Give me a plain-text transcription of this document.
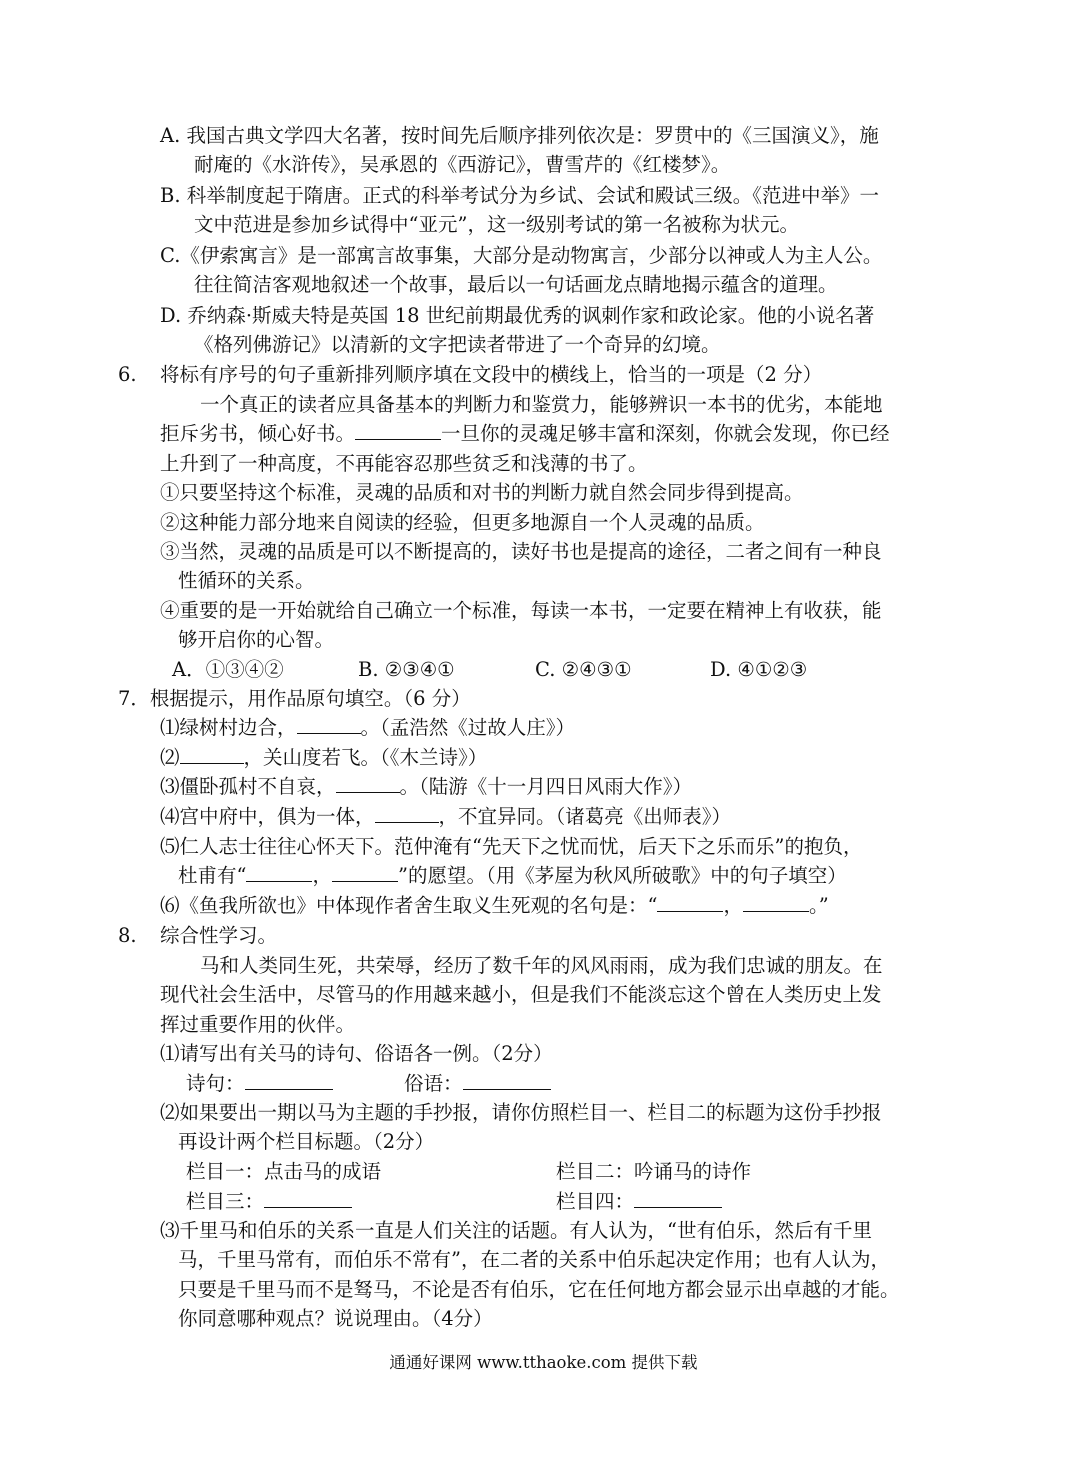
A. 我国古典文学四大名著，按时间先后顺序排列依次是：罗贯中的《三国演义》，施
耐庵的《水浒传》，吴承恩的《西游记》，曹雪芹的《红楼梦》。
B. 科举制度起于隋唐。正式的科举考试分为乡试、会试和殿试三级。《范进中举》一
文中范进是参加乡试得中“亚元”，这一级别考试的第一名被称为状元。
C.《伊索寓言》是一部寓言故事集，大部分是动物寓言，少部分以神或人为主人公。
往往简洁客观地叙述一个故事，最后以一句话画龙点睛地揭示蕴含的道理。
D. 乔纳森·斯威夫特是英国 18 世纪前期最优秀的讽刺作家和政论家。他的小说名著
《格列佛游记》以清新的文字把读者带进了一个奇异的幻境。
6. 将标有序号的句子重新排列顺序填在文段中的横线上，恰当的一项是（2 分）
一个真正的读者应具备基本的判断力和鉴赏力，能够辨识一本书的优劣，本能地
拒斥劣书，倾心好书。	一旦你的灵魂足够丰富和深刻，你就会发现，你已经
上升到了一种高度，不再能容忍那些贫乏和浅薄的书了。
①只要坚持这个标准，灵魂的品质和对书的判断力就自然会同步得到提高。
②这种能力部分地来自阅读的经验，但更多地源自一个人灵魂的品质。
③当然，灵魂的品质是可以不断提高的，读好书也是提高的途径，二者之间有一种良
性循环的关系。
④重要的是一开始就给自己确立一个标准，每读一本书，一定要在精神上有收获，能
够开启你的心智。
A．①③④②	B. ②③④①	C. ②④③①	D. ④①②③
7．根据提示，用作品原句填空。（6 分）
⑴绿树村边合，	。（孟浩然《过故人庄》）
⑵	，关山度若飞。（《木兰诗》）
⑶僵卧孤村不自哀，	。（陆游《十一月四日风雨大作》）
⑷宫中府中，俱为一体，	，不宜异同。（诸葛亮《出师表》）
⑸仁人志士往往心怀天下。范仲淹有“先天下之忧而忧，后天下之乐而乐”的抱负，
杜甫有“	，	”的愿望。（用《茅屋为秋风所破歌》中的句子填空）
⑹《鱼我所欲也》中体现作者舍生取义生死观的名句是：“	，	。”
8. 综合性学习。
马和人类同生死，共荣辱，经历了数千年的风风雨雨，成为我们忠诚的朋友。在
现代社会生活中，尽管马的作用越来越小，但是我们不能淡忘这个曾在人类历史上发
挥过重要作用的伙伴。
⑴请写出有关马的诗句、俗语各一例。（2分）
诗句：	俗语：
⑵如果要出一期以马为主题的手抄报，请你仿照栏目一、栏目二的标题为这份手抄报
再设计两个栏目标题。（2分）
栏目一：点击马的成语	栏目二：吟诵马的诗作
栏目三：	栏目四：
⑶千里马和伯乐的关系一直是人们关注的话题。有人认为，“世有伯乐，然后有千里
马，千里马常有，而伯乐不常有”，在二者的关系中伯乐起决定作用；也有人认为，
只要是千里马而不是驽马，不论是否有伯乐，它在任何地方都会显示出卓越的才能。
你同意哪种观点？说说理由。（4分）
通通好课网 www.tthaoke.com 提供下载
